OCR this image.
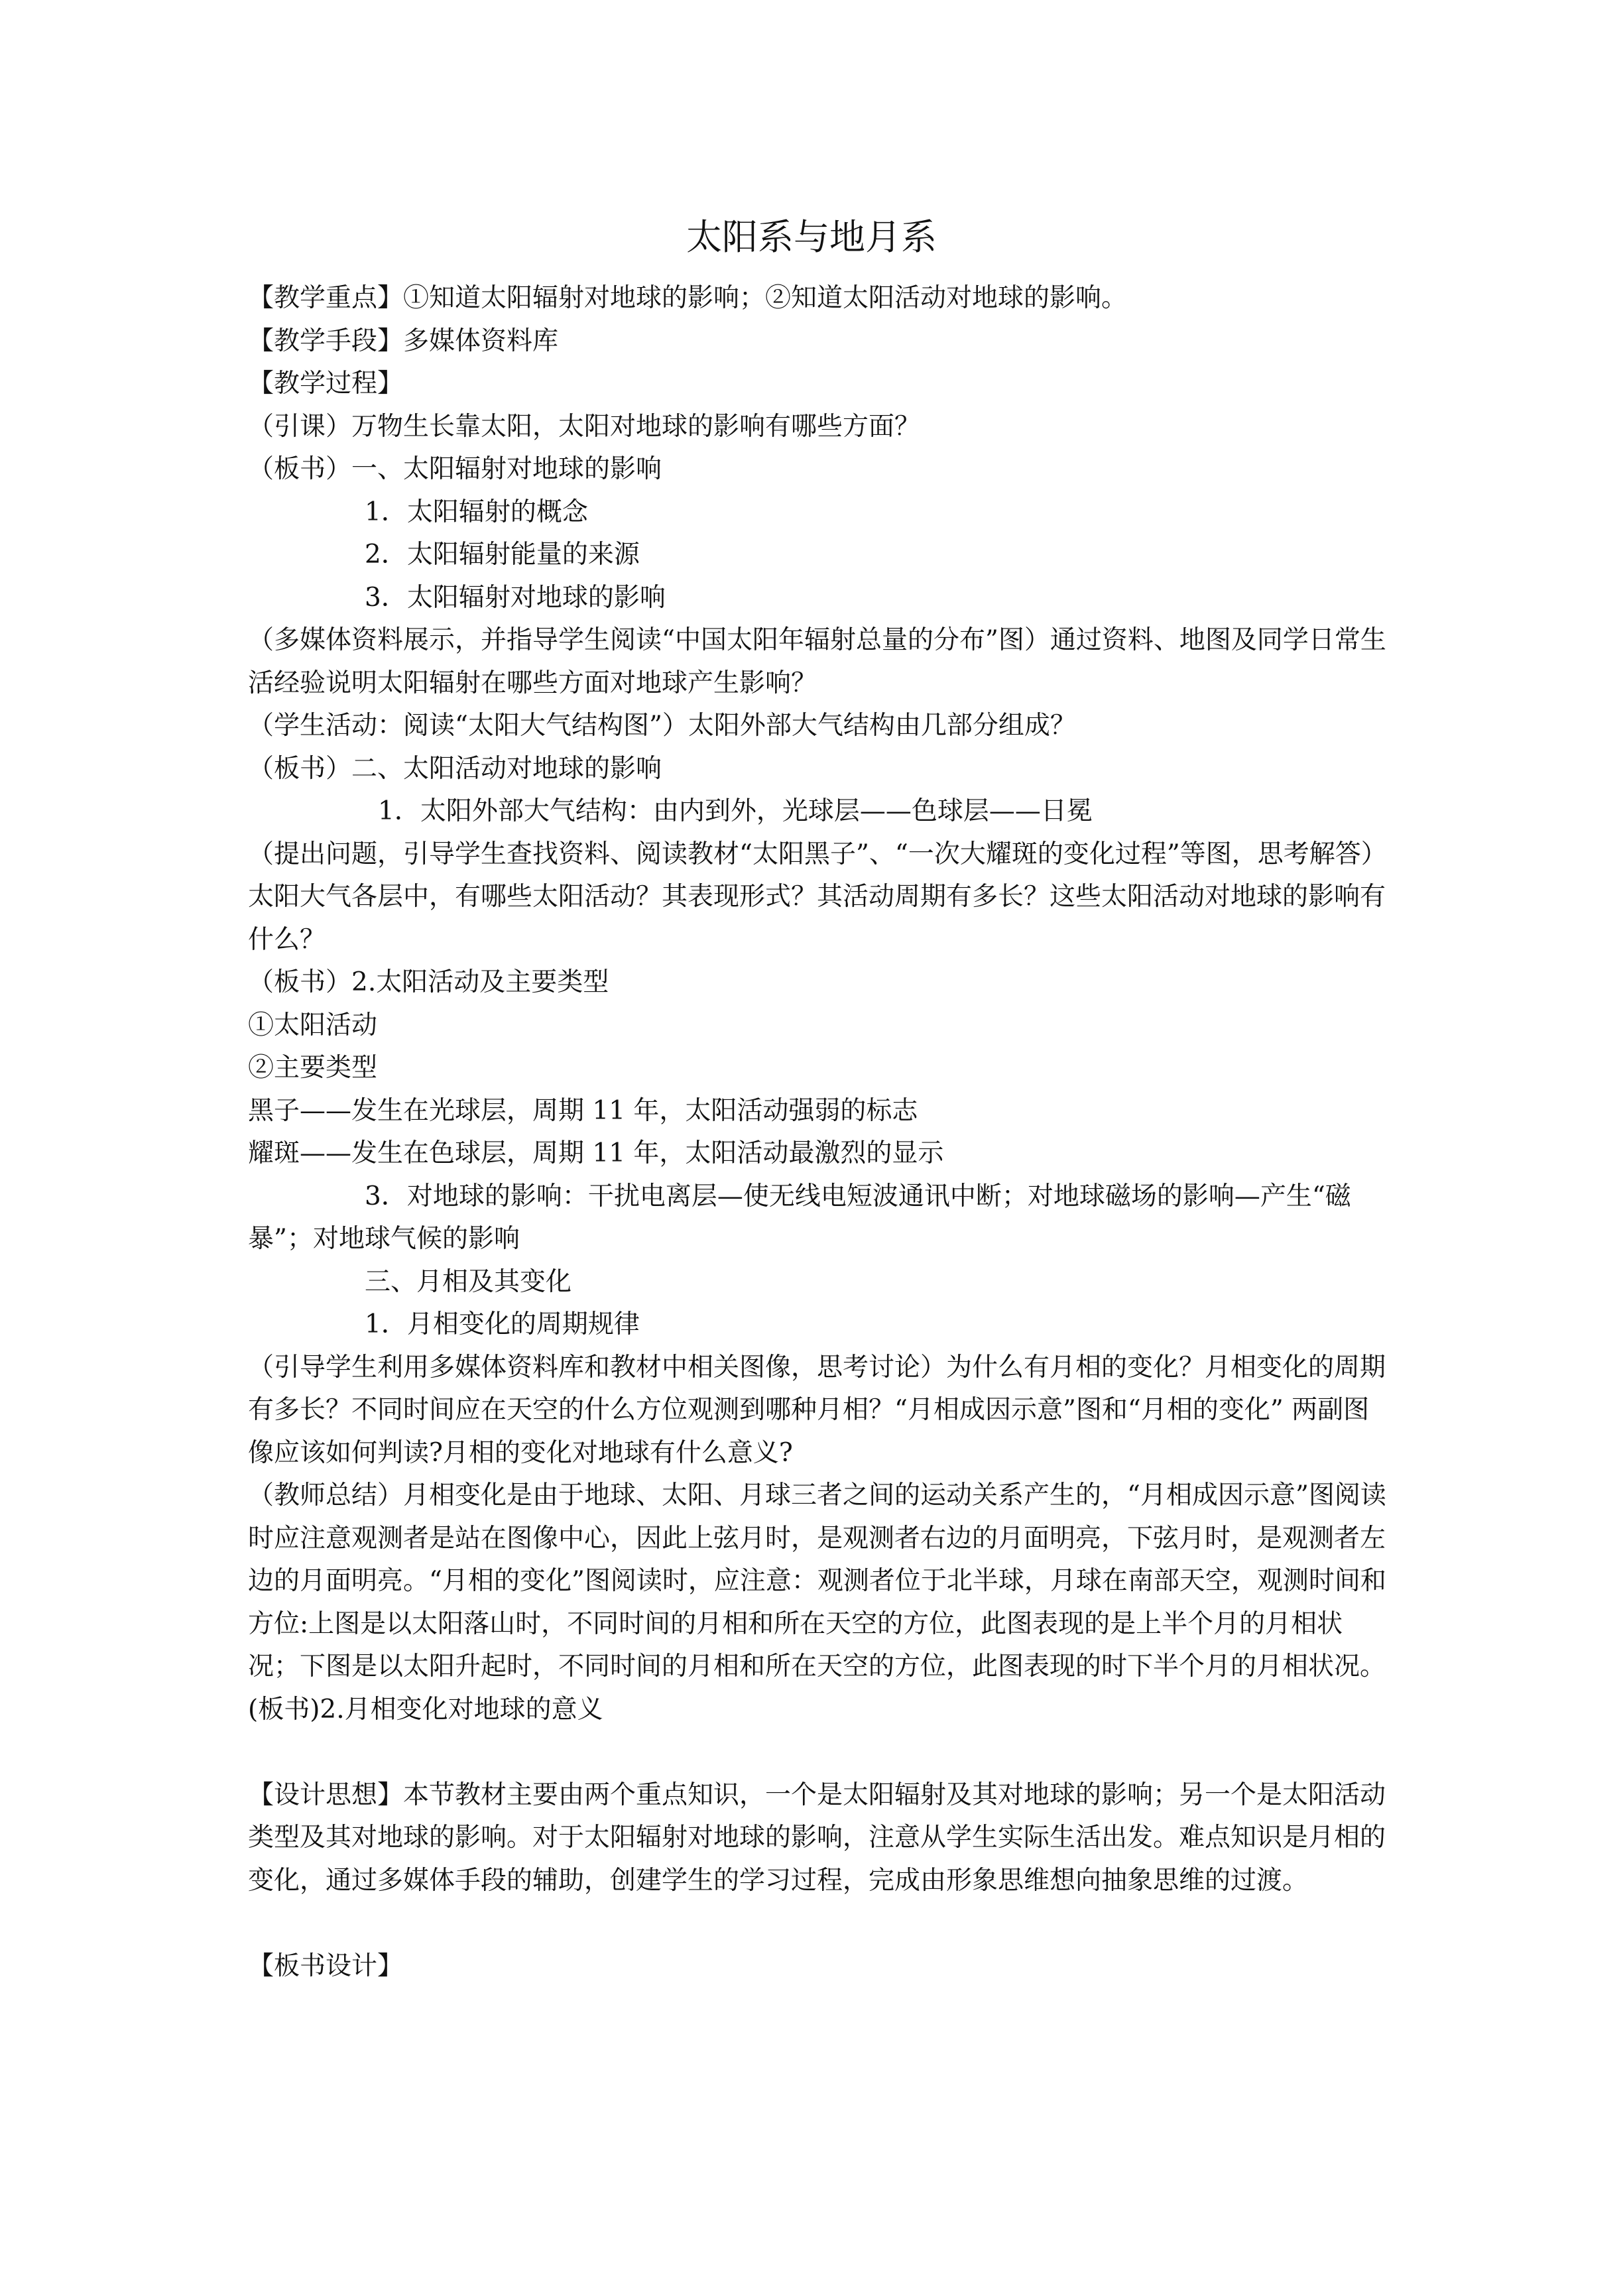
太阳系与地月系

【教学重点】①知道太阳辐射对地球的影响；②知道太阳活动对地球的影响。

【教学手段】多媒体资料库

【教学过程】

（引课）万物生长靠太阳，太阳对地球的影响有哪些方面？

（板书）一、太阳辐射对地球的影响

1．太阳辐射的概念

2．太阳辐射能量的来源

3．太阳辐射对地球的影响

（多媒体资料展示，并指导学生阅读“中国太阳年辐射总量的分布”图）通过资料、地图及同学日常生活经验说明太阳辐射在哪些方面对地球产生影响？

（学生活动：阅读“太阳大气结构图”）太阳外部大气结构由几部分组成？

（板书）二、太阳活动对地球的影响

1．太阳外部大气结构：由内到外，光球层——色球层——日冕

（提出问题，引导学生查找资料、阅读教材“太阳黑子”、“一次大耀斑的变化过程”等图，思考解答）太阳大气各层中，有哪些太阳活动？其表现形式？其活动周期有多长？这些太阳活动对地球的影响有什么？

（板书）2.太阳活动及主要类型

①太阳活动

②主要类型

黑子——发生在光球层，周期 11 年，太阳活动强弱的标志

耀斑——发生在色球层，周期 11 年，太阳活动最激烈的显示

3．对地球的影响：干扰电离层—使无线电短波通讯中断；对地球磁场的影响—产生“磁暴”；对地球气候的影响

三、月相及其变化

1．月相变化的周期规律

（引导学生利用多媒体资料库和教材中相关图像，思考讨论）为什么有月相的变化？月相变化的周期有多长？不同时间应在天空的什么方位观测到哪种月相？“月相成因示意”图和“月相的变化” 两副图像应该如何判读?月相的变化对地球有什么意义?

（教师总结）月相变化是由于地球、太阳、月球三者之间的运动关系产生的，“月相成因示意”图阅读时应注意观测者是站在图像中心，因此上弦月时，是观测者右边的月面明亮，下弦月时，是观测者左边的月面明亮。“月相的变化”图阅读时，应注意：观测者位于北半球，月球在南部天空，观测时间和方位:上图是以太阳落山时，不同时间的月相和所在天空的方位，此图表现的是上半个月的月相状况；下图是以太阳升起时，不同时间的月相和所在天空的方位，此图表现的时下半个月的月相状况。

(板书)2.月相变化对地球的意义

【设计思想】本节教材主要由两个重点知识，一个是太阳辐射及其对地球的影响；另一个是太阳活动类型及其对地球的影响。对于太阳辐射对地球的影响，注意从学生实际生活出发。难点知识是月相的变化，通过多媒体手段的辅助，创建学生的学习过程，完成由形象思维想向抽象思维的过渡。

【板书设计】
